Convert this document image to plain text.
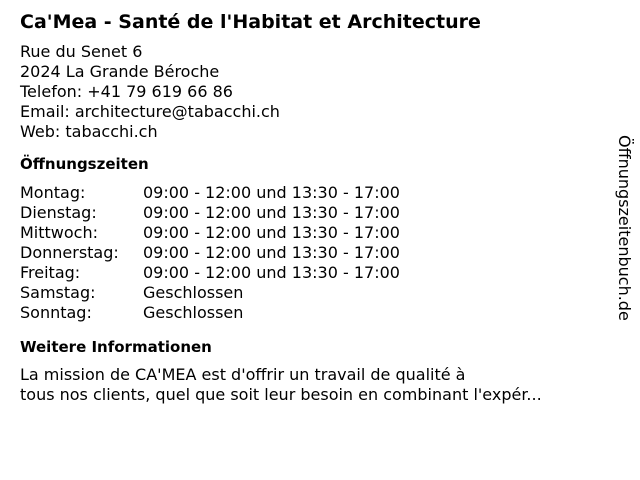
Ca'Mea - Santé de l'Habitat et Architecture
Rue du Senet 6
2024 La Grande Béroche
Telefon: +41 79 619 66 86
Email: architecture@tabacchi.ch
Web: tabacchi.ch
Öffnungszeiten
Montag:	09:00 - 12:00 und 13:30 - 17:00
Dienstag:	09:00 - 12:00 und 13:30 - 17:00
Mittwoch:	09:00 - 12:00 und 13:30 - 17:00
Donnerstag:	09:00 - 12:00 und 13:30 - 17:00
Freitag:	09:00 - 12:00 und 13:30 - 17:00
Samstag:	Geschlossen
Sonntag:	Geschlossen
Weitere Informationen

La mission de CA'MEA est d'offrir un travail de qualité à
tous nos clients, quel que soit leur besoin en combinant l'expér...

Öffnungszeitenbuch.de
